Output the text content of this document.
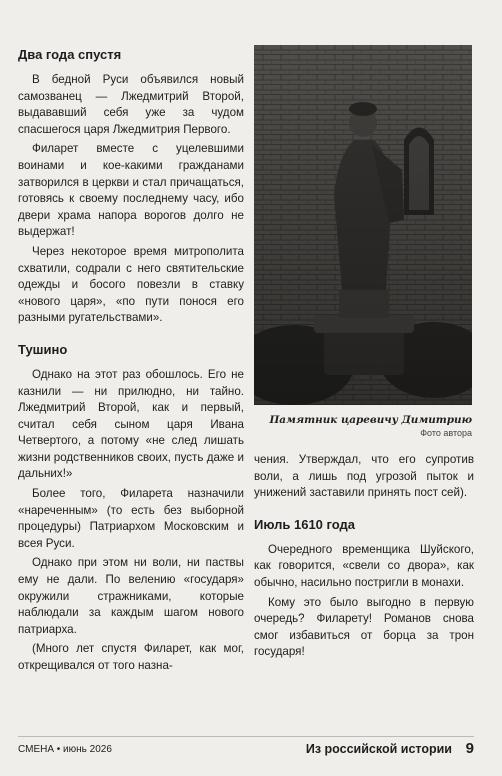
Два года спустя

В бедной Руси объявился новый самозванец — Лжедмитрий Второй, выдававший себя уже за чудом спасшегося царя Лжедмитрия Первого.

Филарет вместе с уцелевшими воинами и кое-какими гражданами затворился в церкви и стал причащаться, готовясь к своему последнему часу, ибо двери храма напора ворогов долго не выдержат!

Через некоторое время митрополита схватили, содрали с него святительские одежды и босого повезли в ставку «нового царя», «по пути понося его разными ругательствами».

Тушино

Однако на этот раз обошлось. Его не казнили — ни прилюдно, ни тайно. Лжедмитрий Второй, как и первый, считал себя сыном царя Ивана Четвертого, а потому «не след лишать жизни родственников своих, пусть даже и дальних!»

Более того, Филарета назначили «нареченным» (то есть без выборной процедуры) Патриархом Московским и всея Руси.

Однако при этом ни воли, ни паствы ему не дали. По велению «государя» окружили стражниками, которые наблюдали за каждым шагом нового патриарха.

(Много лет спустя Филарет, как мог, открещивался от того назна-

Памятник царевичу Димитрию
Фото автора

чения. Утверждал, что его супротив воли, а лишь под угрозой пыток и унижений заставили принять пост сей).

Июль 1610 года

Очередного временщика Шуйского, как говорится, «свели со двора», как обычно, насильно постригли в монахи.

Кому это было выгодно в первую очередь? Филарету! Романов снова смог избавиться от борца за трон государя!

СМЕНА • июнь 2026	Из российской истории 9
